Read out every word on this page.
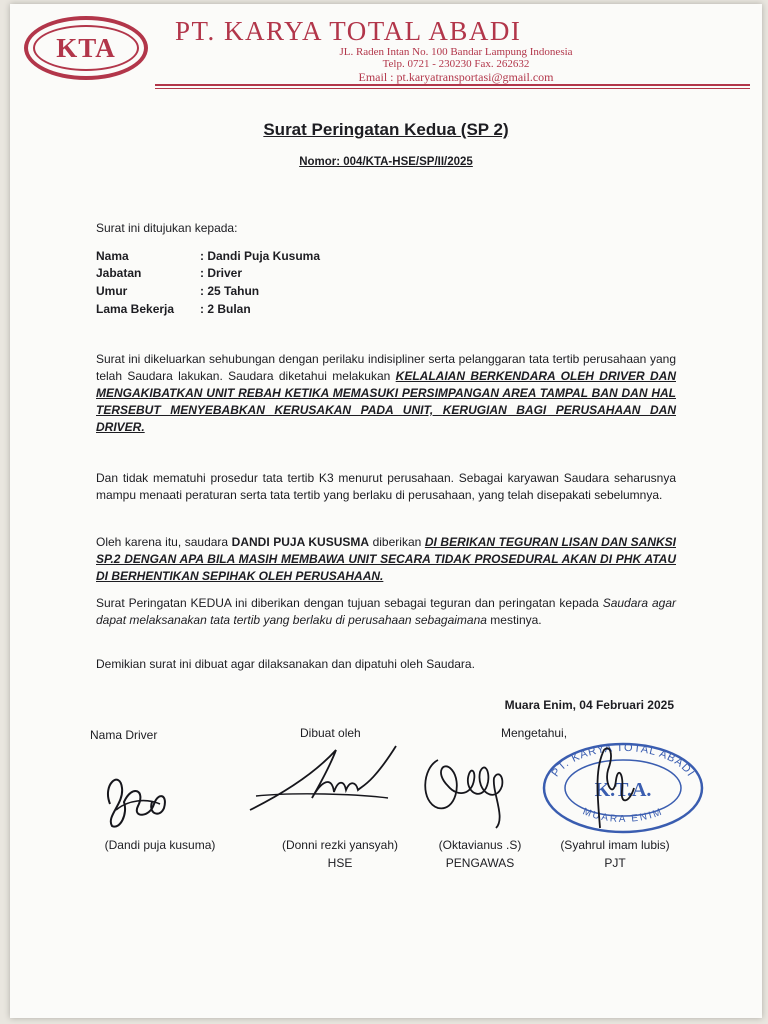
KTA
PT. KARYA TOTAL ABADI
JL. Raden Intan No. 100 Bandar Lampung Indonesia
Telp. 0721 - 230230 Fax. 262632
Email : pt.karyatransportasi@gmail.com
Surat Peringatan Kedua (SP 2)
Nomor: 004/KTA-HSE/SP/II/2025
Surat ini ditujukan kepada:
Nama	: Dandi Puja Kusuma
Jabatan	: Driver
Umur	: 25 Tahun
Lama Bekerja : 2 Bulan
Surat ini dikeluarkan sehubungan dengan perilaku indisipliner serta pelanggaran tata tertib perusahaan yang telah Saudara lakukan. Saudara diketahui melakukan KELALAIAN BERKENDARA OLEH DRIVER DAN MENGAKIBATKAN UNIT REBAH KETIKA MEMASUKI PERSIMPANGAN AREA TAMPAL BAN DAN HAL TERSEBUT MENYEBABKAN KERUSAKAN PADA UNIT, KERUGIAN BAGI PERUSAHAAN DAN DRIVER.
Dan tidak mematuhi prosedur tata tertib K3 menurut perusahaan. Sebagai karyawan Saudara seharusnya mampu menaati peraturan serta tata tertib yang berlaku di perusahaan, yang telah disepakati sebelumnya.
Oleh karena itu, saudara DANDI PUJA KUSUSMA diberikan DI BERIKAN TEGURAN LISAN DAN SANKSI SP.2 DENGAN APA BILA MASIH MEMBAWA UNIT SECARA TIDAK PROSEDURAL AKAN DI PHK ATAU DI BERHENTIKAN SEPIHAK OLEH PERUSAHAAN.
Surat Peringatan KEDUA ini diberikan dengan tujuan sebagai teguran dan peringatan kepada Saudara agar dapat melaksanakan tata tertib yang berlaku di perusahaan sebagaimana mestinya.
Demikian surat ini dibuat agar dilaksanakan dan dipatuhi oleh Saudara.
Muara Enim, 04 Februari 2025
Nama Driver	Dibuat oleh	Mengetahui,
PT. KARYA TOTAL ABADI
K.T.A.
MUARA ENIM
(Dandi puja kusuma)	(Donni rezki yansyah)
HSE
(Oktavianus .S)
PENGAWAS
(Syahrul imam lubis)
PJT
